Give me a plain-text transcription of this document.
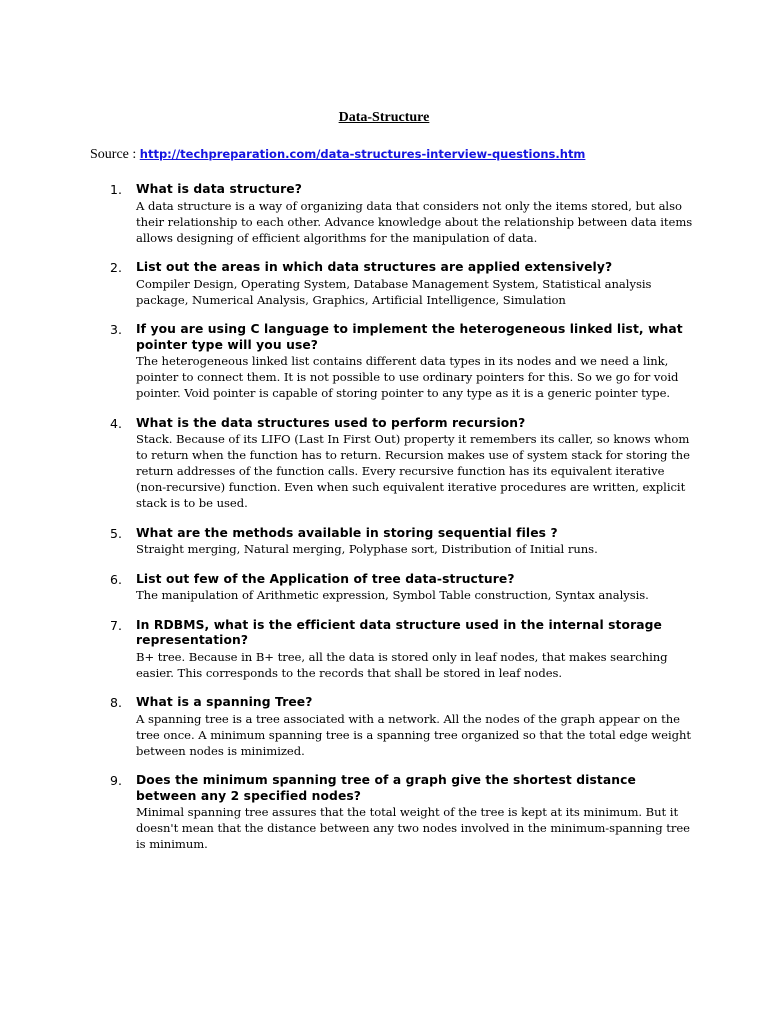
Data-Structure
Source : http://techpreparation.com/data-structures-interview-questions.htm
1.	What is data structure?
A data structure is a way of organizing data that considers not only the items stored, but also their relationship to each other. Advance knowledge about the relationship between data items allows designing of efficient algorithms for the manipulation of data.
2.	List out the areas in which data structures are applied extensively?
Compiler Design, Operating System, Database Management System, Statistical analysis package, Numerical Analysis, Graphics, Artificial Intelligence, Simulation
3.	If you are using C language to implement the heterogeneous linked list, what pointer type will you use?
The heterogeneous linked list contains different data types in its nodes and we need a link, pointer to connect them. It is not possible to use ordinary pointers for this. So we go for void pointer. Void pointer is capable of storing pointer to any type as it is a generic pointer type.
4.	What is the data structures used to perform recursion?
Stack. Because of its LIFO (Last In First Out) property it remembers its caller, so knows whom to return when the function has to return. Recursion makes use of system stack for storing the return addresses of the function calls. Every recursive function has its equivalent iterative (non-recursive) function. Even when such equivalent iterative procedures are written, explicit stack is to be used.
5.	What are the methods available in storing sequential files ?
Straight merging, Natural merging, Polyphase sort, Distribution of Initial runs.
6.	List out few of the Application of tree data-structure?
The manipulation of Arithmetic expression, Symbol Table construction, Syntax analysis.
7.	In RDBMS, what is the efficient data structure used in the internal storage representation?
B+ tree. Because in B+ tree, all the data is stored only in leaf nodes, that makes searching easier. This corresponds to the records that shall be stored in leaf nodes.
8.	What is a spanning Tree?
A spanning tree is a tree associated with a network. All the nodes of the graph appear on the tree once. A minimum spanning tree is a spanning tree organized so that the total edge weight between nodes is minimized.
9.	Does the minimum spanning tree of a graph give the shortest distance between any 2 specified nodes?
Minimal spanning tree assures that the total weight of the tree is kept at its minimum. But it doesn't mean that the distance between any two nodes involved in the minimum-spanning tree is minimum.
